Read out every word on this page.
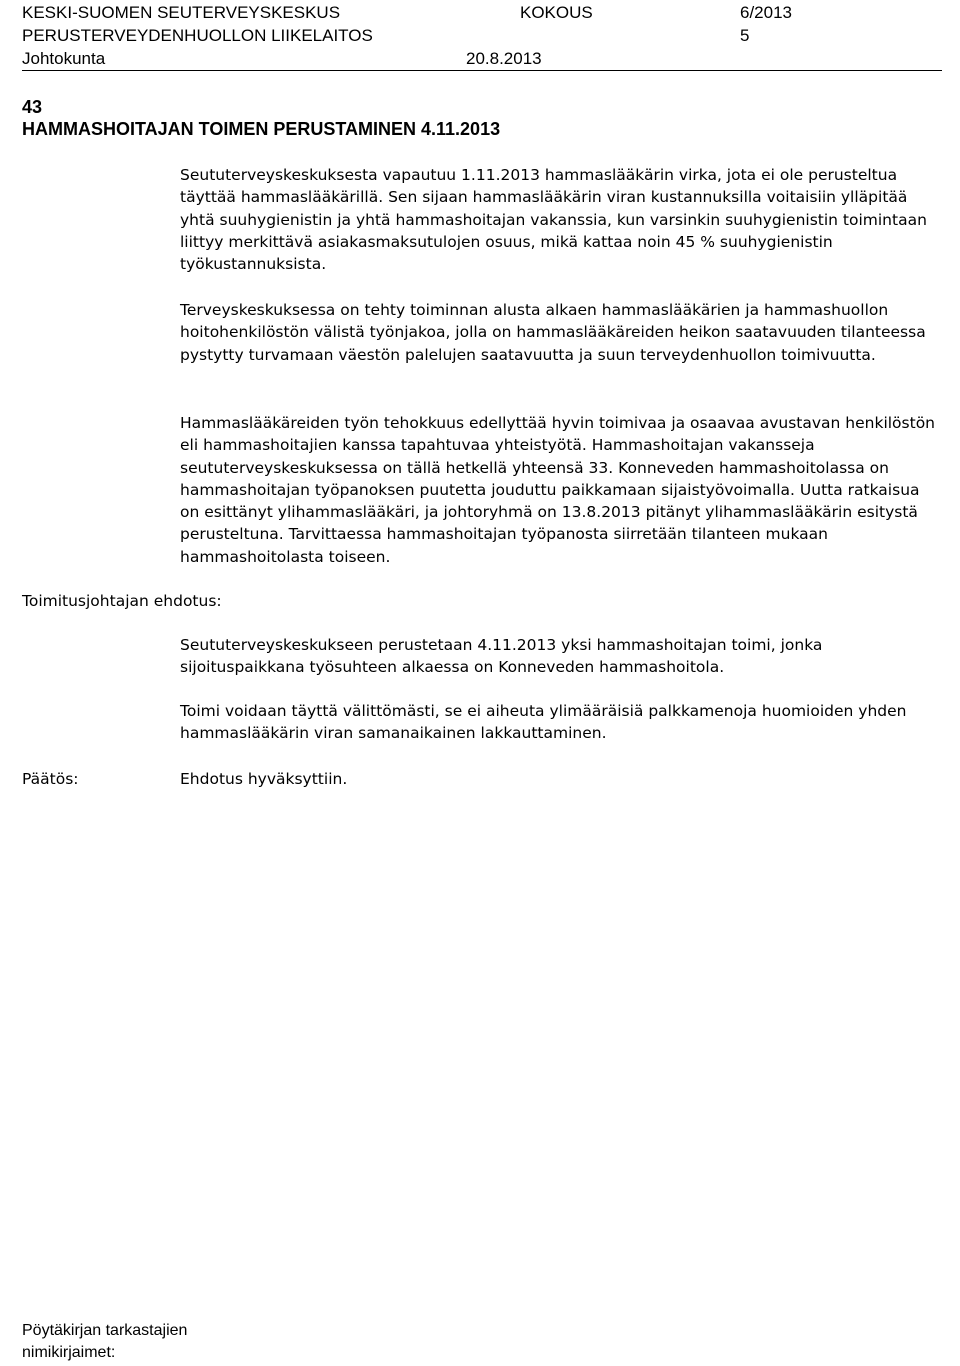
KESKI-SUOMEN SEUTERVEYSKESKUS	KOKOUS	6/2013
PERUSTERVEYDENHUOLLON LIIKELAITOS	5
Johtokunta	20.8.2013
43
HAMMASHOITAJAN TOIMEN PERUSTAMINEN 4.11.2013

Seututerveyskeskuksesta vapautuu 1.11.2013 hammaslääkärin virka, jota ei ole perusteltua täyttää hammaslääkärillä. Sen sijaan hammaslääkärin viran kustannuksilla voitaisiin ylläpitää yhtä suuhygienistin ja yhtä hammashoitajan vakanssia, kun varsinkin suuhygienistin toimintaan liittyy merkittävä asiakasmaksutulojen osuus, mikä kattaa noin 45 % suuhygienistin työkustannuksista.

Terveyskeskuksessa on tehty toiminnan alusta alkaen hammaslääkärien ja hammashuollon hoitohenkilöstön välistä työnjakoa, jolla on hammaslääkäreiden heikon saatavuuden tilanteessa pystytty turvamaan väestön palelujen saatavuutta ja suun terveydenhuollon toimivuutta.

Hammaslääkäreiden työn tehokkuus edellyttää hyvin toimivaa ja osaavaa avustavan henkilöstön eli hammashoitajien kanssa tapahtuvaa yhteistyötä. Hammashoitajan vakansseja seututerveyskeskuksessa on tällä hetkellä yhteensä 33. Konneveden hammashoitolassa on hammashoitajan työpanoksen puutetta jouduttu paikkamaan sijaistyövoimalla. Uutta ratkaisua on esittänyt ylihammaslääkäri, ja johtoryhmä on 13.8.2013 pitänyt ylihammaslääkärin esitystä perusteltuna. Tarvittaessa hammashoitajan työpanosta siirretään tilanteen mukaan hammashoitolasta toiseen.

Toimitusjohtajan ehdotus:

Seututerveyskeskukseen perustetaan 4.11.2013 yksi hammashoitajan toimi, jonka sijoituspaikkana työsuhteen alkaessa on Konneveden hammashoitola.

Toimi voidaan täyttä välittömästi, se ei aiheuta ylimääräisiä palkkamenoja huomioiden yhden hammaslääkärin viran samanaikainen lakkauttaminen.

Päätös:	Ehdotus hyväksyttiin.

Pöytäkirjan tarkastajien
nimikirjaimet:
